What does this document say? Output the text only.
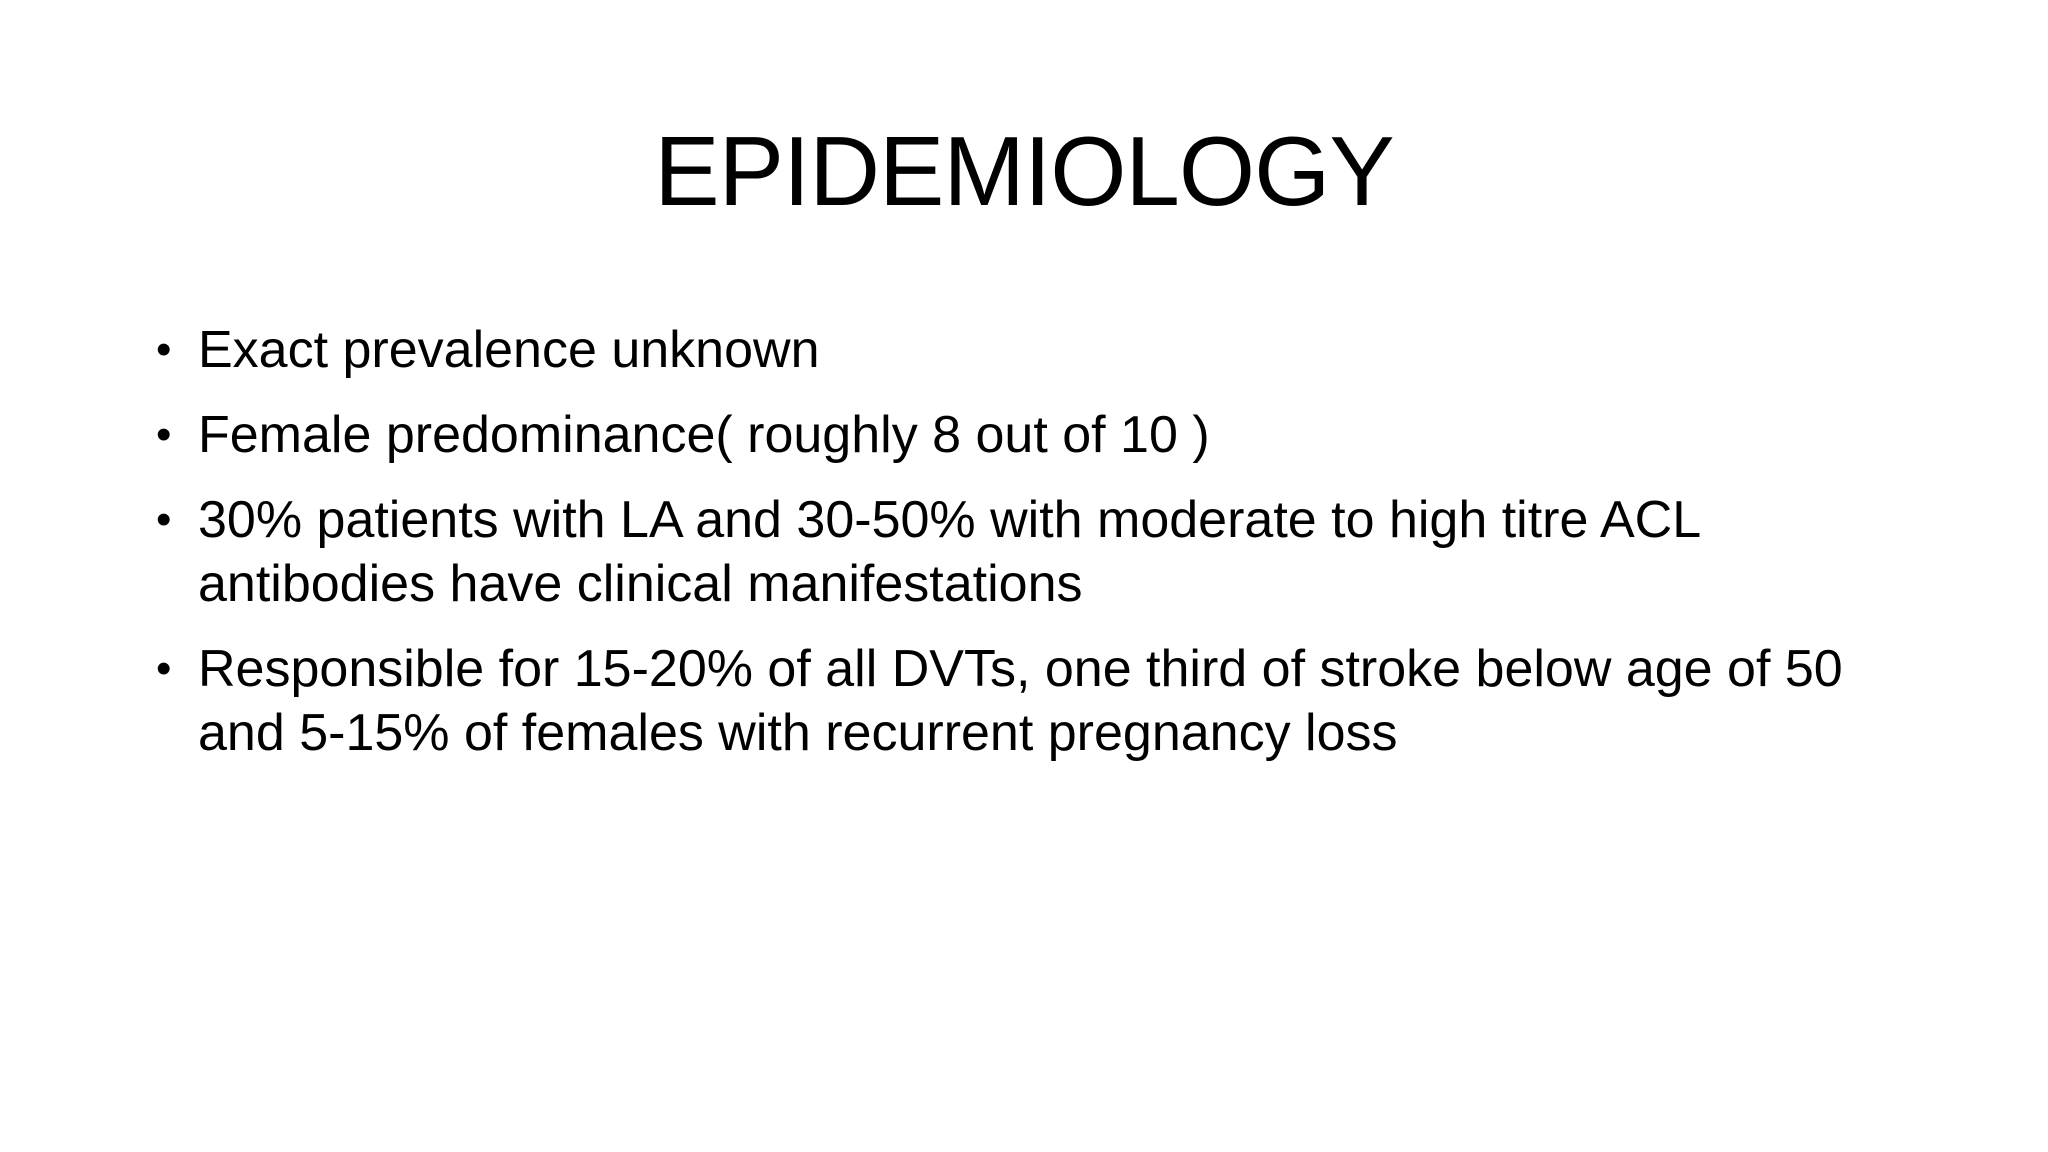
EPIDEMIOLOGY
• Exact prevalence unknown
• Female predominance( roughly 8 out of 10 )
• 30% patients with LA and 30-50% with moderate to high titre ACL antibodies have clinical manifestations
• Responsible for 15-20% of all DVTs, one third of stroke below age of 50 and 5-15% of females with recurrent pregnancy loss
